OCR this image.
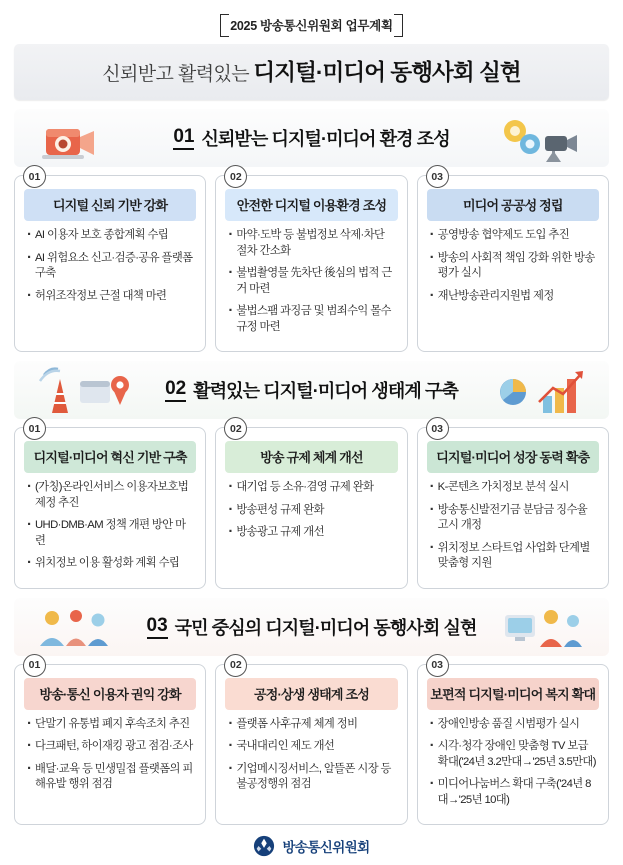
2025 방송통신위원회 업무계획
신뢰받고 활력있는 디지털·미디어 동행사회 실현
01 신뢰받는 디지털·미디어 환경 조성
01
디지털 신뢰 기반 강화
· AI 이용자 보호 종합계획 수립
· AI 위험요소 신고·검증·공유 플랫폼 구축
· 허위조작정보 근절 대책 마련
02
안전한 디지털 이용환경 조성
· 마약·도박 등 불법정보 삭제·차단 절차 간소화
· 불법촬영물 先차단 後심의 법적 근거 마련
· 불법스팸 과징금 및 범죄수익 몰수규정 마련
03
미디어 공공성 정립
· 공영방송 협약제도 도입 추진
· 방송의 사회적 책임 강화 위한 방송평가 실시
· 재난방송관리지원법 제정
02 활력있는 디지털·미디어 생태계 구축
01
디지털·미디어 혁신 기반 구축
· (가칭)온라인서비스 이용자보호법 제정 추진
· UHD·DMB·AM 정책 개편 방안 마련
· 위치정보 이용 활성화 계획 수립
02
방송 규제 체계 개선
· 대기업 등 소유·겸영 규제 완화
· 방송편성 규제 완화
· 방송광고 규제 개선
03
디지털·미디어 성장 동력 확충
· K-콘텐츠 가치정보 분석 실시
· 방송통신발전기금 분담금 징수율 고시 개정
· 위치정보 스타트업 사업화 단계별 맞춤형 지원
03 국민 중심의 디지털·미디어 동행사회 실현
01
방송·통신 이용자 권익 강화
· 단말기 유통법 폐지 후속조치 추진
· 다크패턴, 하이재킹 광고 점검·조사
· 배달·교육 등 민생밀접 플랫폼의 피해유발 행위 점검
02
공정·상생 생태계 조성
· 플랫폼 사후규제 체계 정비
· 국내대리인 제도 개선
· 기업메시징서비스, 알뜰폰 시장 등 불공정행위 점검
03
보편적 디지털·미디어 복지 확대
· 장애인방송 품질 시범평가 실시
· 시각·청각 장애인 맞춤형 TV 보급 확대('24년 3.2만대→'25년 3.5만대)
· 미디어나눔버스 확대 구축('24년 8대→'25년 10대)
방송통신위원회
